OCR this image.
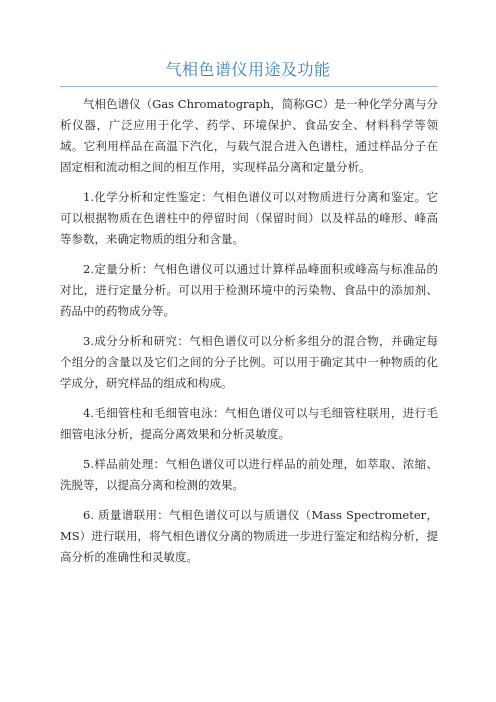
气相色谱仪用途及功能

气相色谱仪（Gas Chromatograph，简称GC）是一种化学分离与分析仪器，广泛应用于化学、药学、环境保护、食品安全、材料科学等领域。它利用样品在高温下汽化，与载气混合进入色谱柱，通过样品分子在固定相和流动相之间的相互作用，实现样品分离和定量分析。

1.化学分析和定性鉴定：气相色谱仪可以对物质进行分离和鉴定。它可以根据物质在色谱柱中的停留时间（保留时间）以及样品的峰形、峰高等参数，来确定物质的组分和含量。

2.定量分析：气相色谱仪可以通过计算样品峰面积或峰高与标准品的对比，进行定量分析。可以用于检测环境中的污染物、食品中的添加剂、药品中的药物成分等。

3.成分分析和研究：气相色谱仪可以分析多组分的混合物，并确定每个组分的含量以及它们之间的分子比例。可以用于确定其中一种物质的化学成分，研究样品的组成和构成。

4.毛细管柱和毛细管电泳：气相色谱仪可以与毛细管柱联用，进行毛细管电泳分析，提高分离效果和分析灵敏度。

5.样品前处理：气相色谱仪可以进行样品的前处理，如萃取、浓缩、洗脱等，以提高分离和检测的效果。

6. 质量谱联用：气相色谱仪可以与质谱仪（Mass Spectrometer，MS）进行联用，将气相色谱仪分离的物质进一步进行鉴定和结构分析，提高分析的准确性和灵敏度。
